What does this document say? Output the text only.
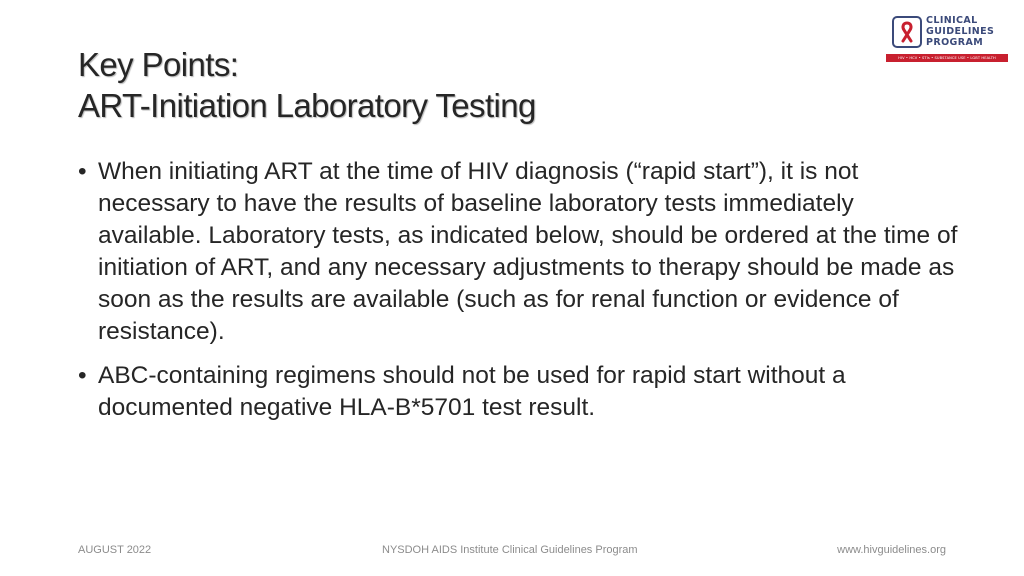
CLINICAL
GUIDELINES
PROGRAM
HIV • HCV • STIs • SUBSTANCE USE • LGBT HEALTH
Key Points:
ART-Initiation Laboratory Testing
• When initiating ART at the time of HIV diagnosis (“rapid start”), it is not necessary to have the results of baseline laboratory tests immediately available. Laboratory tests, as indicated below, should be ordered at the time of initiation of ART, and any necessary adjustments to therapy should be made as soon as the results are available (such as for renal function or evidence of resistance).
• ABC-containing regimens should not be used for rapid start without a documented negative HLA-B*5701 test result.
AUGUST 2022	NYSDOH AIDS Institute Clinical Guidelines Program	www.hivguidelines.org
